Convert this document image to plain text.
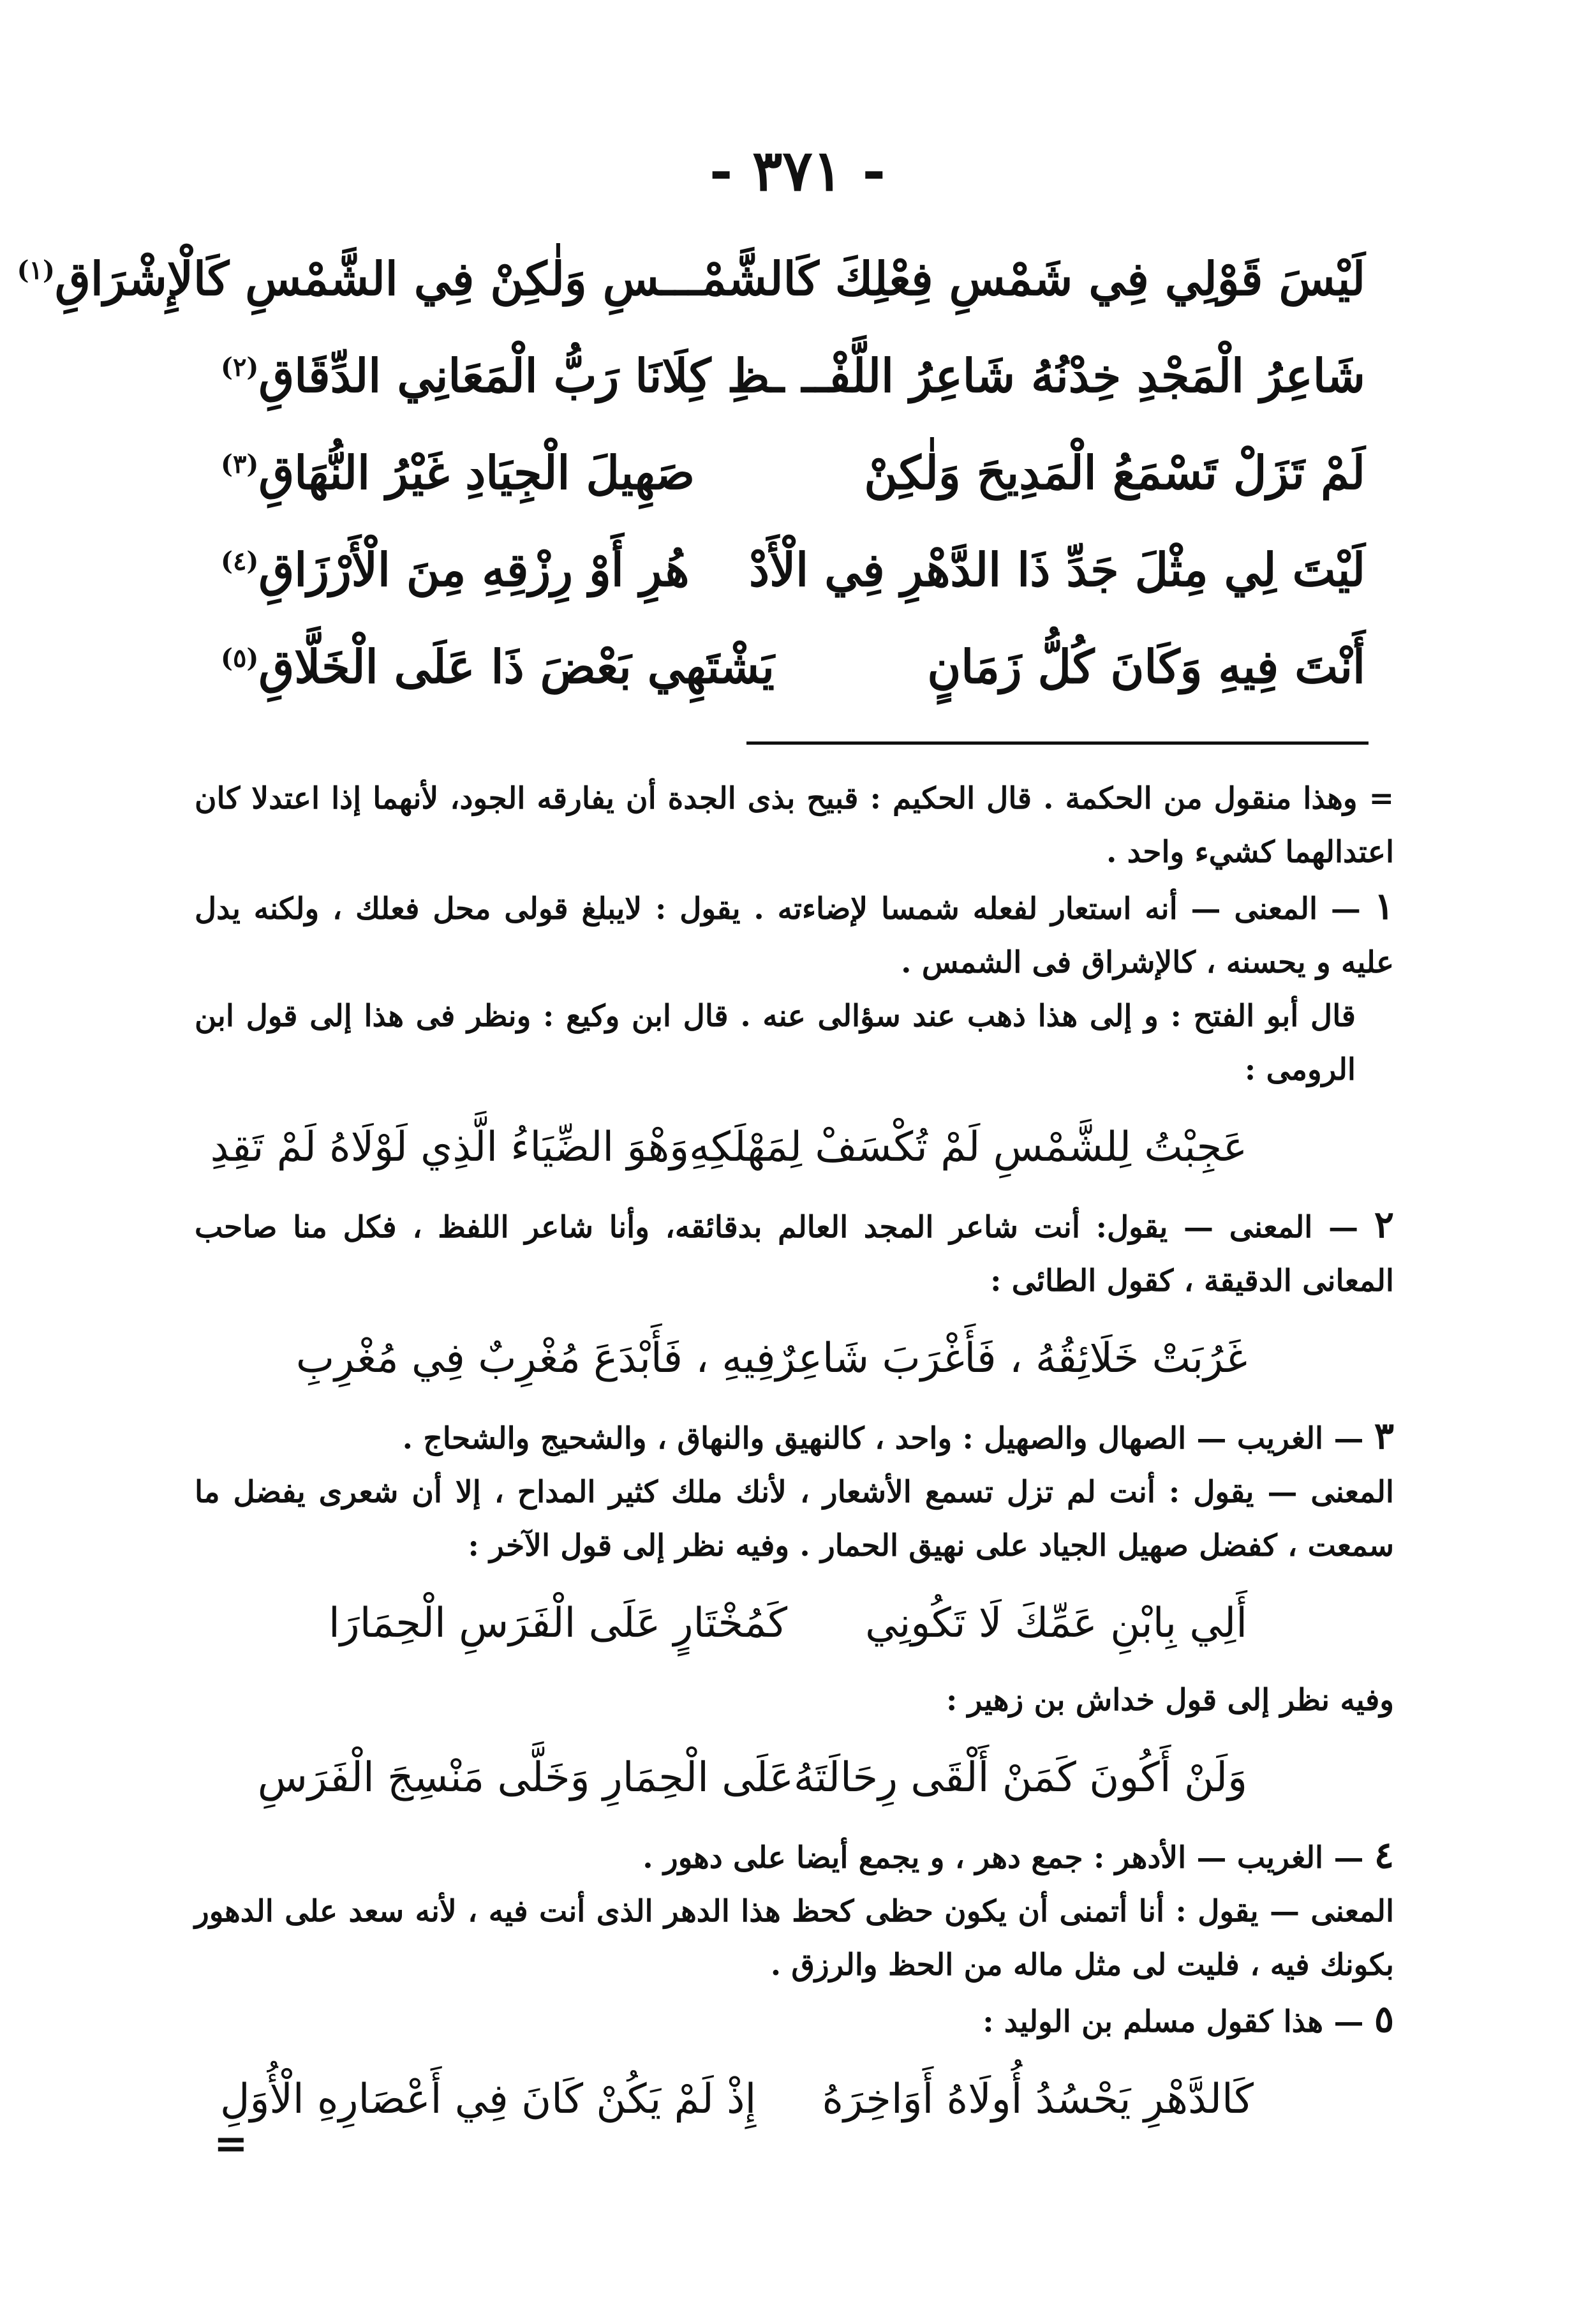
- ٣٧١ -
لَيْسَ قَوْلِي فِي شَمْسِ فِعْلِكَ كَالشَّمْــ
ـسِ وَلٰكِنْ فِي الشَّمْسِ كَالْإِشْرَاقِ$^{(١)}$
شَاعِرُ الْمَجْدِ خِدْنُهُ شَاعِرُ اللَّفْــ
ـظِ كِلَانَا رَبُّ الْمَعَانِي الدِّقَاقِ$^{(٢)}$
لَمْ تَزَلْ تَسْمَعُ الْمَدِيحَ وَلٰكِنْ
صَهِيلَ الْجِيَادِ غَيْرُ النُّهَاقِ$^{(٣)}$
لَيْتَ لِي مِثْلَ جَدِّ ذَا الدَّهْرِ فِي الْأَدْ
هُرِ أَوْ رِزْقِهِ مِنَ الْأَرْزَاقِ$^{(٤)}$
أَنْتَ فِيهِ وَكَانَ كُلُّ زَمَانٍ
يَشْتَهِي بَعْضَ ذَا عَلَى الْخَلَّاقِ$^{(٥)}$

= وهذا منقول من الحكمة . قال الحكيم : قبيح بذى الجدة أن يفارقه الجود، لأنهما إذا اعتدلا كان اعتدالهما كشيء واحد .

١ — المعنى — أنه استعار لفعله شمسا لإضاءته . يقول : لايبلغ قولى محل فعلك ، ولكنه يدل عليه و يحسنه ، كالإشراق فى الشمس .

قال أبو الفتح : و إلى هذا ذهب عند سؤالى عنه . قال ابن وكيع : ونظر فى هذا إلى قول ابن الرومى :

عَجِبْتُ لِلشَّمْسِ لَمْ تُكْسَفْ لِمَهْلَكِهِ
وَهْوَ الضِّيَاءُ الَّذِي لَوْلَاهُ لَمْ تَقِدِ

٢ — المعنى — يقول: أنت شاعر المجد العالم بدقائقه، وأنا شاعر اللفظ ، فكل منا صاحب المعانى الدقيقة ، كقول الطائى :

غَرُبَتْ خَلَائِقُهُ ، فَأَغْرَبَ شَاعِرٌ
فِيهِ ، فَأَبْدَعَ مُغْرِبٌ فِي مُغْرِبِ

٣ — الغريب — الصهال والصهيل : واحد ، كالنهيق والنهاق ، والشحيج والشحاج .

المعنى — يقول : أنت لم تزل تسمع الأشعار ، لأنك ملك كثير المداح ، إلا أن شعرى يفضل ما سمعت ، كفضل صهيل الجياد على نهيق الحمار . وفيه نظر إلى قول الآخر :

أَلِي بِابْنِ عَمِّكَ لَا تَكُونِي
كَمُخْتَارٍ عَلَى الْفَرَسِ الْحِمَارَا

وفيه نظر إلى قول خداش بن زهير :

وَلَنْ أَكُونَ كَمَنْ أَلْقَى رِحَالَتَهُ
عَلَى الْحِمَارِ وَخَلَّى مَنْسِجَ الْفَرَسِ

٤ — الغريب — الأدهر : جمع دهر ، و يجمع أيضا على دهور .

المعنى — يقول : أنا أتمنى أن يكون حظى كحظ هذا الدهر الذى أنت فيه ، لأنه سعد على الدهور بكونك فيه ، فليت لى مثل ماله من الحظ والرزق .

٥ — هذا كقول مسلم بن الوليد :

كَالدَّهْرِ يَحْسُدُ أُولَاهُ أَوَاخِرَهُ
إِذْ لَمْ يَكُنْ كَانَ فِي أَعْصَارِهِ الْأُوَلِ
=
